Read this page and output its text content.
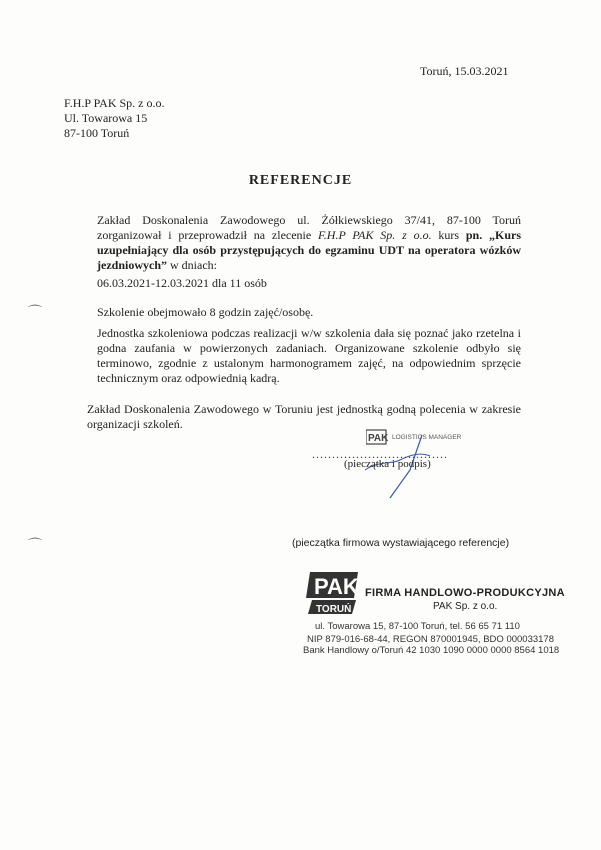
Toruń, 15.03.2021
F.H.P PAK Sp. z o.o.
Ul. Towarowa 15
87-100 Toruń
REFERENCJE
Zakład Doskonalenia Zawodowego ul. Żółkiewskiego 37/41, 87-100 Toruń zorganizował i przeprowadził na zlecenie F.H.P PAK Sp. z o.o. kurs pn. „Kurs uzupełniający dla osób przystępujących do egzaminu UDT na operatora wózków jezdniowych” w dniach:
06.03.2021-12.03.2021 dla 11 osób
Szkolenie obejmowało 8 godzin zajęć/osobę.
Jednostka szkoleniowa podczas realizacji w/w szkolenia dała się poznać jako rzetelna i godna zaufania w powierzonych zadaniach. Organizowane szkolenie odbyło się terminowo, zgodnie z ustalonym harmonogramem zajęć, na odpowiednim sprzęcie technicznym oraz odpowiednią kadrą.
Zakład Doskonalenia Zawodowego w Toruniu jest jednostką godną polecenia w zakresie organizacji szkoleń.
PAK LOGISTICS MANAGER
..................................
(pieczątka i podpis)
(pieczątka firmowa wystawiającego referencje)
PAK
TORUŃ
FIRMA HANDLOWO-PRODUKCYJNA
PAK Sp. z o.o.
ul. Towarowa 15, 87-100 Toruń, tel. 56 65 71 110
NIP 879-016-68-44, REGON 870001945, BDO 000033178
Bank Handlowy o/Toruń 42 1030 1090 0000 0000 8564 1018
⌒
⌒
